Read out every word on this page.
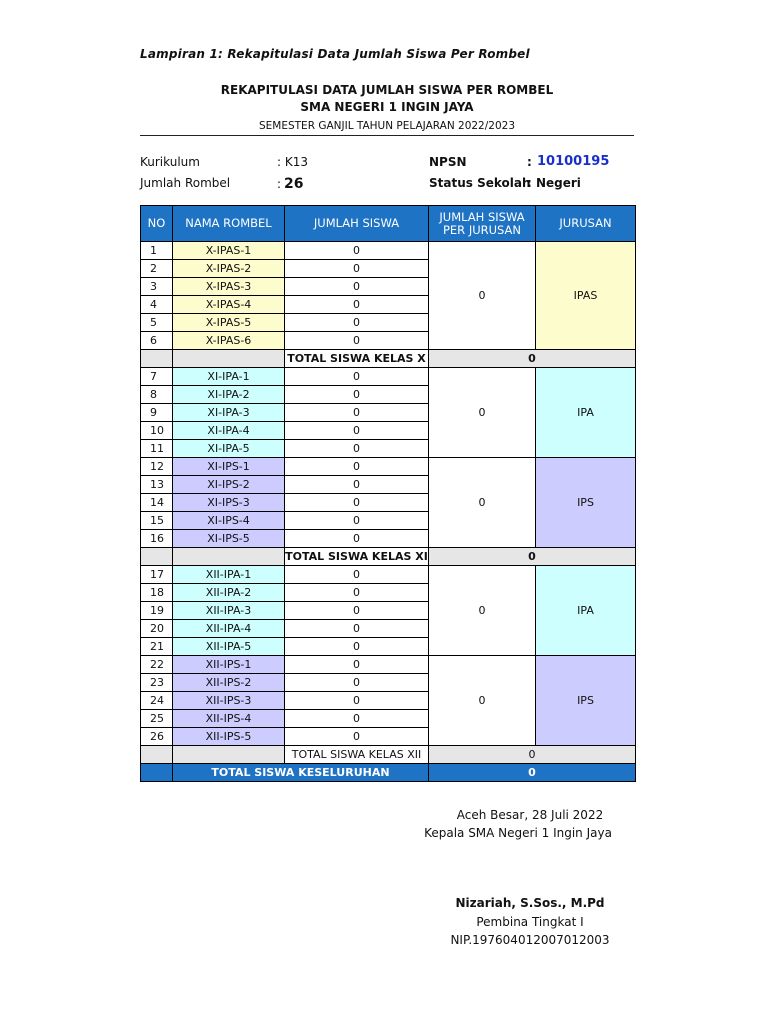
Lampiran 1: Rekapitulasi Data Jumlah Siswa Per Rombel
REKAPITULASI DATA JUMLAH SISWA PER ROMBEL
SMA NEGERI 1 INGIN JAYA
SEMESTER GANJIL TAHUN PELAJARAN 2022/2023
Kurikulum	: K13
Jumlah Rombel	: 26
NPSN	: 10100195
Status Sekolah
: Negeri
NO	NAMA ROMBEL	JUMLAH SISWA	JUMLAH SISWA PER JURUSAN	JURUSAN
1	X-IPAS-1	0	0	IPAS
2	X-IPAS-2	0		
3	X-IPAS-3	0		
4	X-IPAS-4	0		
5	X-IPAS-5	0		
6	X-IPAS-6	0		
		TOTAL SISWA KELAS X	0	
7	XI-IPA-1	0	0	IPA
8	XI-IPA-2	0		
9	XI-IPA-3	0		
10	XI-IPA-4	0		
11	XI-IPA-5	0		
12	XI-IPS-1	0	0	IPS
13	XI-IPS-2	0		
14	XI-IPS-3	0		
15	XI-IPS-4	0		
16	XI-IPS-5	0		
		TOTAL SISWA KELAS XI	0	
17	XII-IPA-1	0	0	IPA
18	XII-IPA-2	0		
19	XII-IPA-3	0		
20	XII-IPA-4	0		
21	XII-IPA-5	0		
22	XII-IPS-1	0	0	IPS
23	XII-IPS-2	0		
24	XII-IPS-3	0		
25	XII-IPS-4	0		
26	XII-IPS-5	0		
		TOTAL SISWA KELAS XII	0	
	TOTAL SISWA KESELURUHAN		0	
Aceh Besar, 28 Juli 2022
Kepala SMA Negeri 1 Ingin Jaya
Nizariah, S.Sos., M.Pd
Pembina Tingkat I
NIP.197604012007012003
